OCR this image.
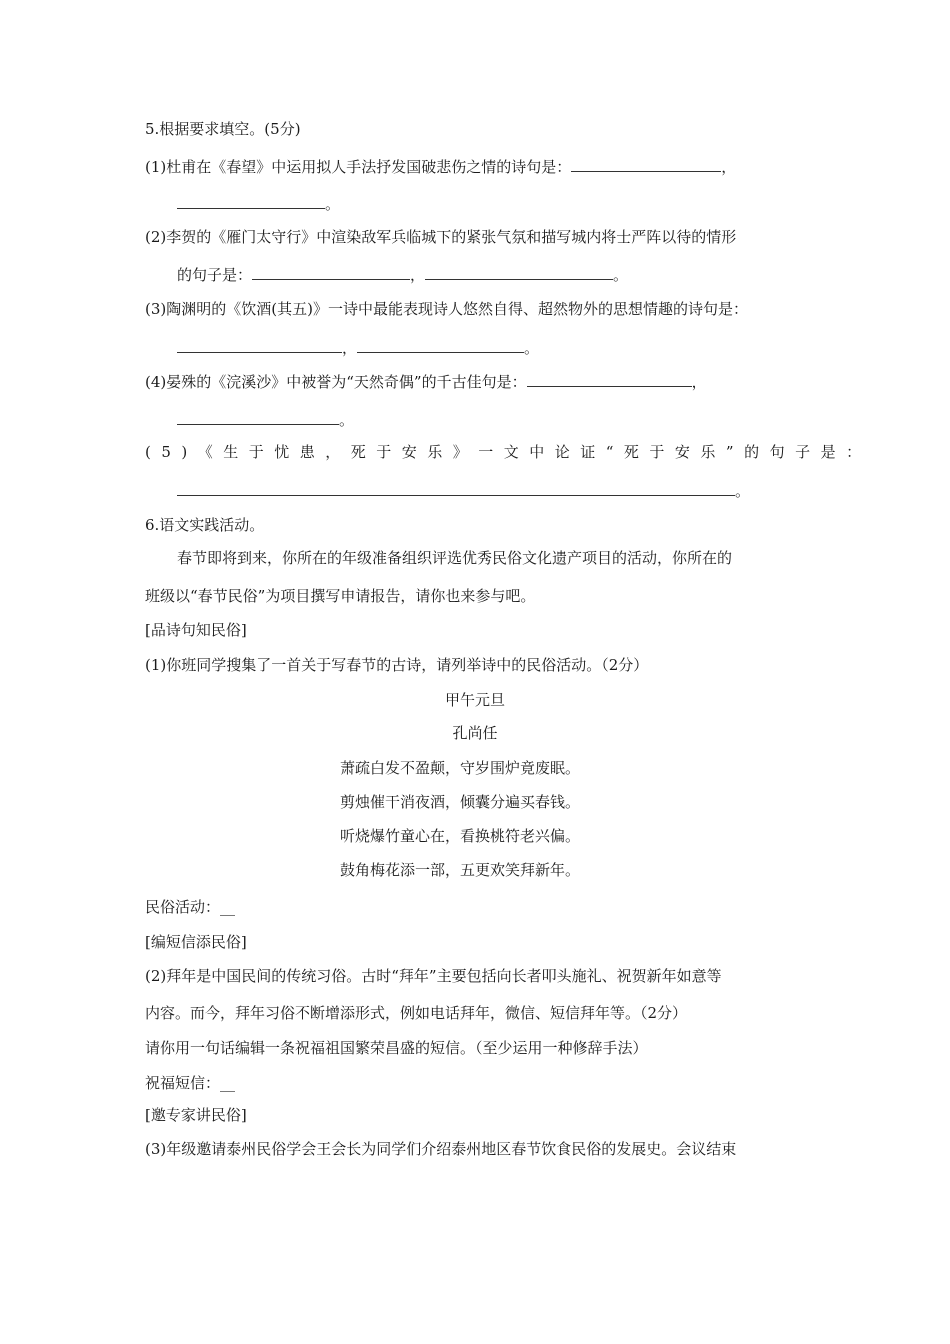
5.根据要求填空。(5分)
(1)杜甫在《春望》中运用拟人手法抒发国破悲伤之情的诗句是：	，
。
(2)李贺的《雁门太守行》中渲染敌军兵临城下的紧张气氛和描写城内将士严阵以待的情形
的句子是：	，	。
(3)陶渊明的《饮酒(其五)》一诗中最能表现诗人悠然自得、超然物外的思想情趣的诗句是：
，	。
(4)晏殊的《浣溪沙》中被誉为“天然奇偶”的千古佳句是：	，
。
(5)《生于忧患，死于安乐》一文中论证“死于安乐”的句子是：
。
6.语文实践活动。
春节即将到来，你所在的年级准备组织评选优秀民俗文化遗产项目的活动，你所在的
班级以“春节民俗”为项目撰写申请报告，请你也来参与吧。
[品诗句知民俗]
(1)你班同学搜集了一首关于写春节的古诗，请列举诗中的民俗活动。（2分）
甲午元旦
孔尚任
萧疏白发不盈颠，守岁围炉竟废眠。
剪烛催干消夜酒，倾囊分遍买春钱。
听烧爆竹童心在，看换桃符老兴偏。
鼓角梅花添一部，五更欢笑拜新年。
民俗活动：__
[编短信添民俗]
(2)拜年是中国民间的传统习俗。古时“拜年”主要包括向长者叩头施礼、祝贺新年如意等
内容。而今，拜年习俗不断增添形式，例如电话拜年，微信、短信拜年等。（2分）
请你用一句话编辑一条祝福祖国繁荣昌盛的短信。（至少运用一种修辞手法）
祝福短信：__
[邀专家讲民俗]
(3)年级邀请泰州民俗学会王会长为同学们介绍泰州地区春节饮食民俗的发展史。会议结束
